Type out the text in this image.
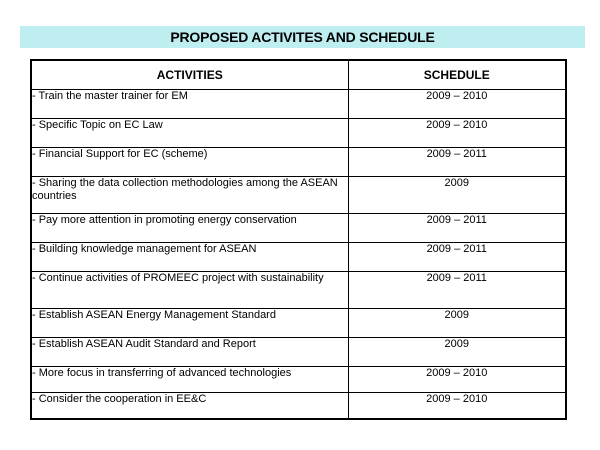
PROPOSED ACTIVITES AND SCHEDULE
ACTIVITIES	SCHEDULE
- Train the master trainer for EM	2009 – 2010
- Specific Topic on EC Law	2009 – 2010
- Financial Support for EC (scheme)	2009 – 2011
- Sharing the data collection methodologies among the ASEAN countries	2009
- Pay more attention in promoting energy conservation	2009 – 2011
- Building knowledge management for ASEAN	2009 – 2011
- Continue activities of PROMEEC project with sustainability	2009 – 2011
- Establish ASEAN Energy Management Standard	2009
- Establish ASEAN Audit Standard and Report	2009
- More focus in transferring of advanced technologies	2009 – 2010
- Consider the cooperation in EE&C	2009 – 2010
